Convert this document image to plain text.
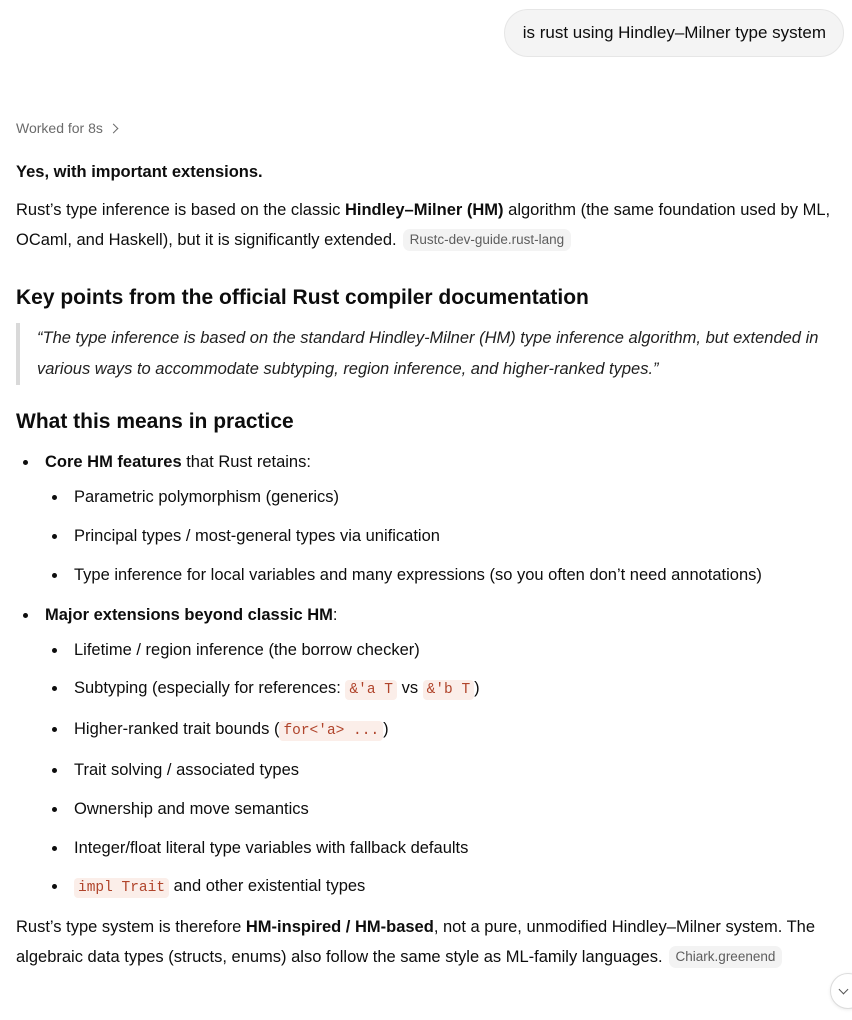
is rust using Hindley–Milner type system
Worked for 8s

Yes, with important extensions.

Rust’s type inference is based on the classic Hindley–Milner (HM) algorithm (the same foundation used by ML, OCaml, and Haskell), but it is significantly extended. Rustc-dev-guide.rust-lang

Key points from the official Rust compiler documentation
“The type inference is based on the standard Hindley-Milner (HM) type inference algorithm, but extended in various ways to accommodate subtyping, region inference, and higher-ranked types.”
What this means in practice
Core HM features that Rust retains:
Parametric polymorphism (generics)
Principal types / most-general types via unification
Type inference for local variables and many expressions (so you often don’t need annotations)
Major extensions beyond classic HM:
Lifetime / region inference (the borrow checker)
Subtyping (especially for references: &'a T vs &'b T )
Higher-ranked trait bounds ( for<'a> ... )
Trait solving / associated types
Ownership and move semantics
Integer/float literal type variables with fallback defaults
impl Trait and other existential types

Rust’s type system is therefore HM-inspired / HM-based, not a pure, unmodified Hindley–Milner system. The algebraic data types (structs, enums) also follow the same style as ML-family languages. Chiark.greenend
